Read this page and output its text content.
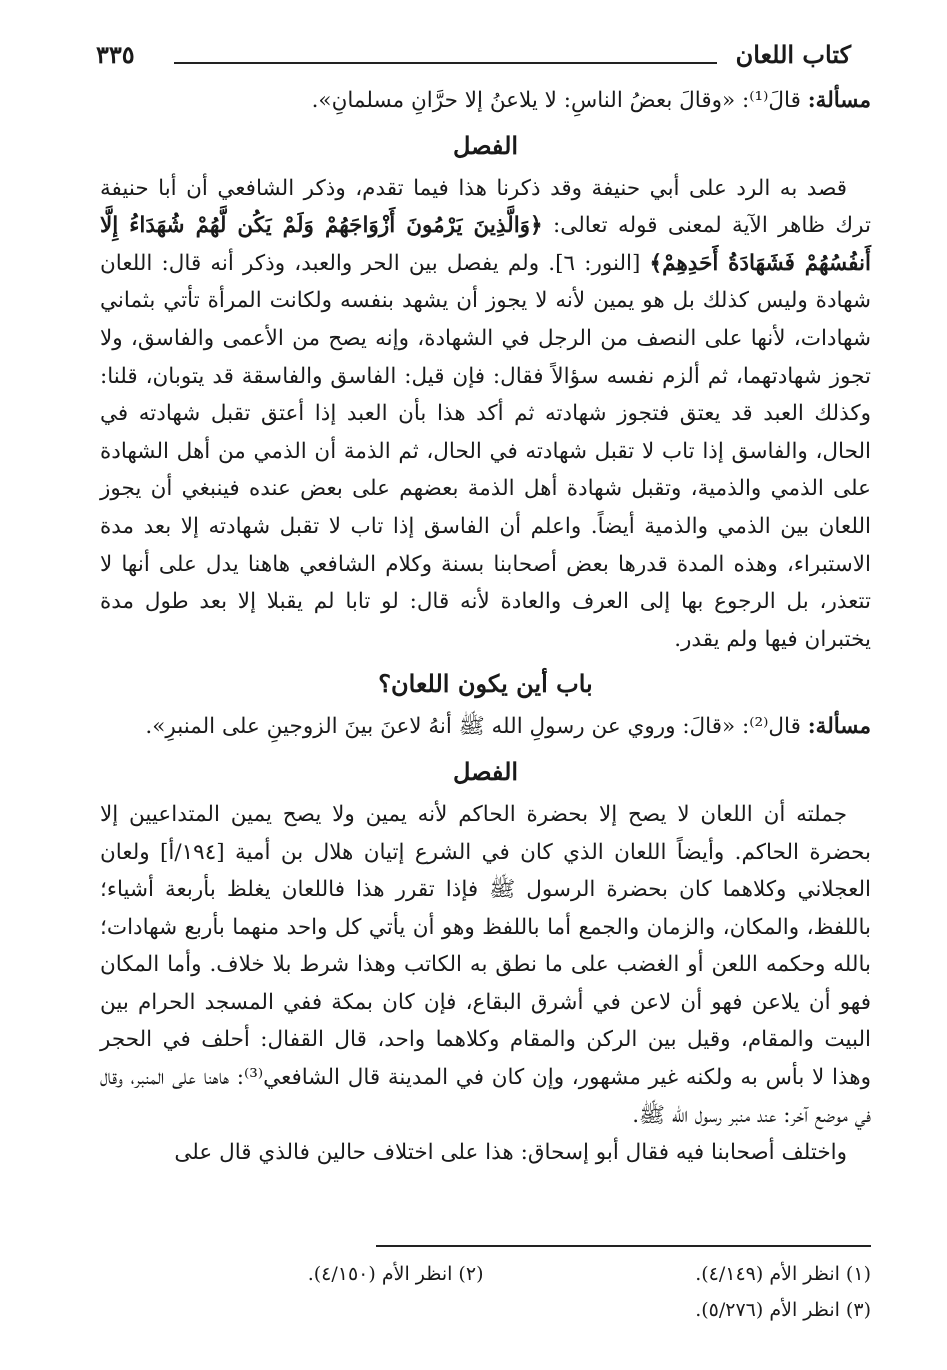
كتاب اللعان
٣٣٥

مسألة: قالَ⁽¹⁾: «وقالَ بعضُ الناسِ: لا يلاعنُ إلا حرَّانِ مسلمانِ».

الفصل

قصد به الرد على أبي حنيفة وقد ذكرنا هذا فيما تقدم، وذكر الشافعي أن أبا حنيفة ترك ظاهر الآية لمعنى قوله تعالى: ﴿وَالَّذِينَ يَرْمُونَ أَزْوَاجَهُمْ وَلَمْ يَكُن لَّهُمْ شُهَدَاءُ إِلَّا أَنفُسُهُمْ فَشَهَادَةُ أَحَدِهِمْ﴾ [النور: ٦]. ولم يفصل بين الحر والعبد، وذكر أنه قال: اللعان شهادة وليس كذلك بل هو يمين لأنه لا يجوز أن يشهد بنفسه ولكانت المرأة تأتي بثماني شهادات، لأنها على النصف من الرجل في الشهادة، وإنه يصح من الأعمى والفاسق، ولا تجوز شهادتهما، ثم ألزم نفسه سؤالاً فقال: فإن قيل: الفاسق والفاسقة قد يتوبان، قلنا: وكذلك العبد قد يعتق فتجوز شهادته ثم أكد هذا بأن العبد إذا أعتق تقبل شهادته في الحال، والفاسق إذا تاب لا تقبل شهادته في الحال، ثم الذمة أن الذمي من أهل الشهادة على الذمي والذمية، وتقبل شهادة أهل الذمة بعضهم على بعض عنده فينبغي أن يجوز اللعان بين الذمي والذمية أيضاً. واعلم أن الفاسق إذا تاب لا تقبل شهادته إلا بعد مدة الاستبراء، وهذه المدة قدرها بعض أصحابنا بسنة وكلام الشافعي هاهنا يدل على أنها لا تتعذر، بل الرجوع بها إلى العرف والعادة لأنه قال: لو تابا لم يقبلا إلا بعد طول مدة يختبران فيها ولم يقدر.

باب أين يكون اللعان؟

مسألة: قال⁽²⁾: «قالَ: وروي عن رسولِ الله ﷺ أنهُ لاعنَ بينَ الزوجينِ على المنبرِ».

الفصل

جملته أن اللعان لا يصح إلا بحضرة الحاكم لأنه يمين ولا يصح يمين المتداعيين إلا بحضرة الحاكم. وأيضاً اللعان الذي كان في الشرع إتيان هلال بن أمية [١٩٤/أ] ولعان العجلاني وكلاهما كان بحضرة الرسول ﷺ فإذا تقرر هذا فاللعان يغلظ بأربعة أشياء؛ باللفظ، والمكان، والزمان والجمع أما باللفظ وهو أن يأتي كل واحد منهما بأربع شهادات؛ بالله وحكمه اللعن أو الغضب على ما نطق به الكاتب وهذا شرط بلا خلاف. وأما المكان فهو أن يلاعن فهو أن لاعن في أشرق البقاع، فإن كان بمكة ففي المسجد الحرام بين البيت والمقام، وقيل بين الركن والمقام وكلاهما واحد، قال القفال: أحلف في الحجر وهذا لا بأس به ولكنه غير مشهور، وإن كان في المدينة قال الشافعي⁽³⁾: هاهنا على المنبر، وقال في موضع آخر: عند منبر رسول الله ﷺ.

واختلف أصحابنا فيه فقال أبو إسحاق: هذا على اختلاف حالين فالذي قال على

(١) انظر الأم (٤/١٤٩).
(٢) انظر الأم (٤/١٥٠).
(٣) انظر الأم (٥/٢٧٦).
